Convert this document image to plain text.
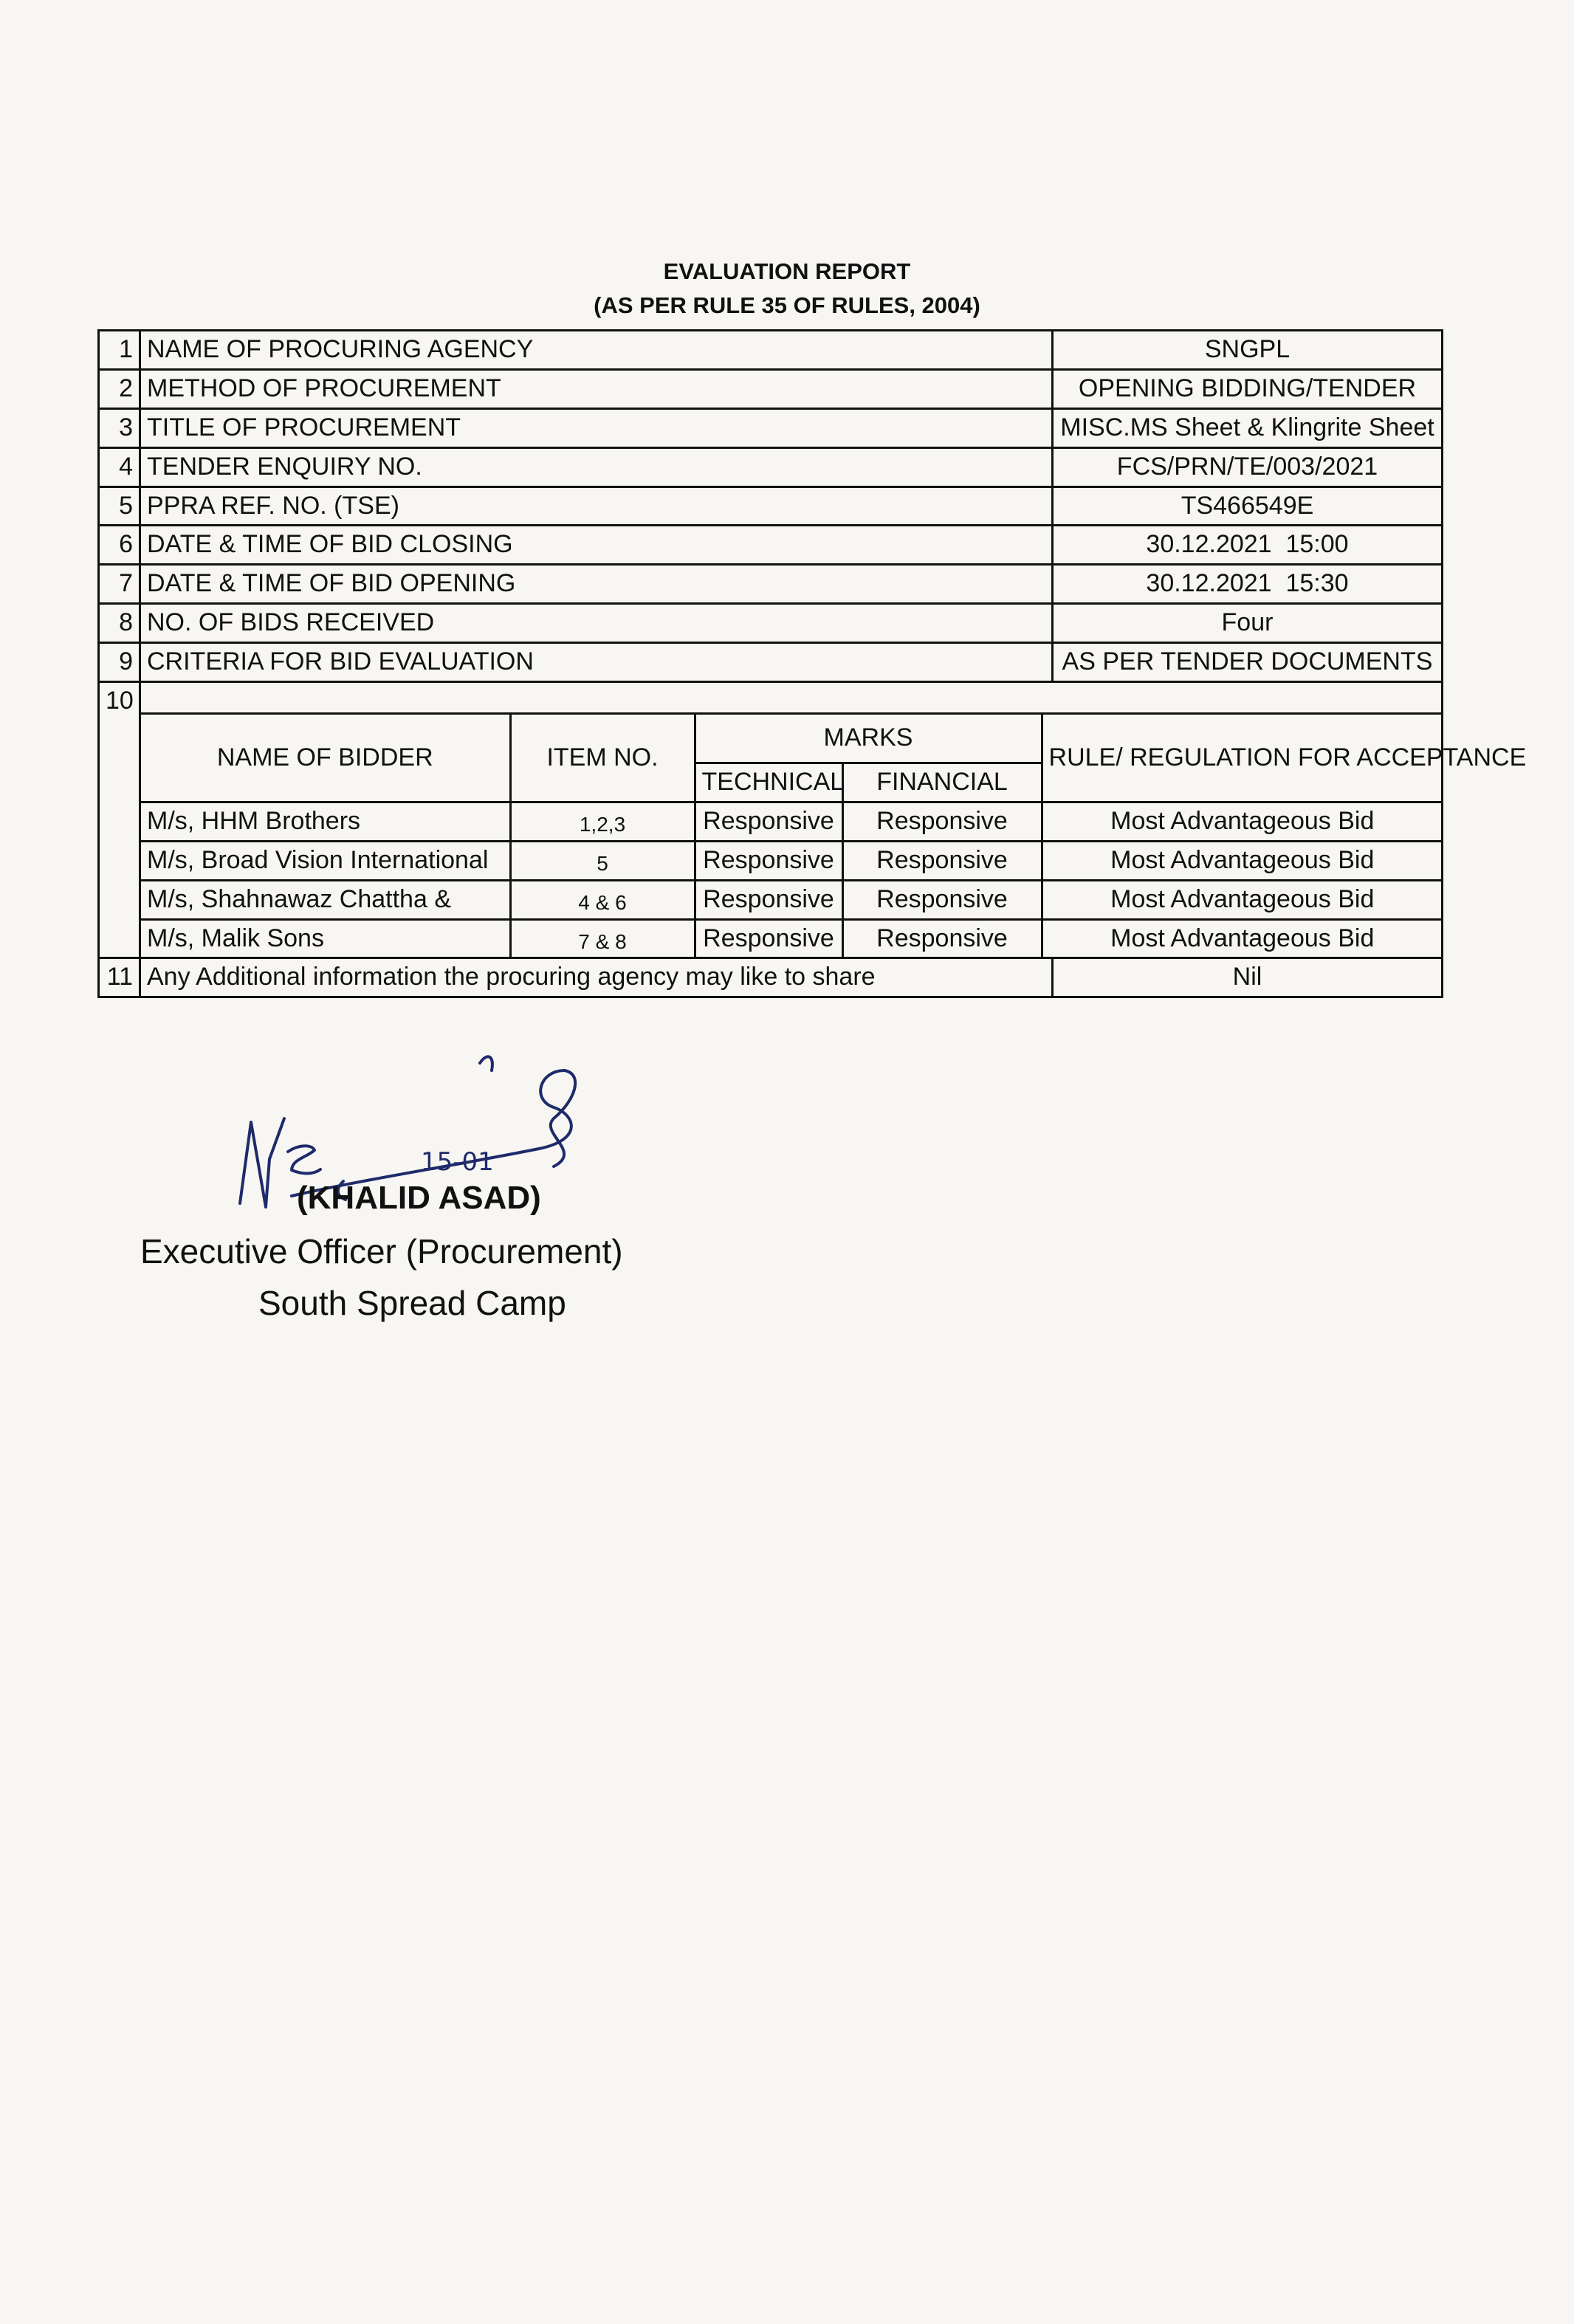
EVALUATION REPORT
(AS PER RULE 35 OF RULES, 2004)
1	NAME OF PROCURING AGENCY	SNGPL
2	METHOD OF PROCUREMENT	OPENING BIDDING/TENDER
3	TITLE OF PROCUREMENT	MISC.MS Sheet & Klingrite Sheet
4	TENDER ENQUIRY NO.	FCS/PRN/TE/003/2021
5	PPRA REF. NO. (TSE)	TS466549E
6	DATE & TIME OF BID CLOSING	30.12.2021  15:00
7	DATE & TIME OF BID OPENING	30.12.2021  15:30
8	NO. OF BIDS RECEIVED	Four
9	CRITERIA FOR BID EVALUATION	AS PER TENDER DOCUMENTS
10	
NAME OF BIDDER	ITEM NO.	MARKS	RULE/ REGULATION FOR ACCEPTANCE
TECHNICAL	FINANCIAL
M/s, HHM Brothers	1,2,3	Responsive	Responsive	Most Advantageous Bid
M/s, Broad Vision International	5	Responsive	Responsive	Most Advantageous Bid
M/s, Shahnawaz Chattha &	4 & 6	Responsive	Responsive	Most Advantageous Bid
M/s, Malik Sons	7 & 8	Responsive	Responsive	Most Advantageous Bid

11	Any Additional information the procuring agency may like to share	Nil
15-01
(KHALID ASAD)
Executive Officer (Procurement)
South Spread Camp
